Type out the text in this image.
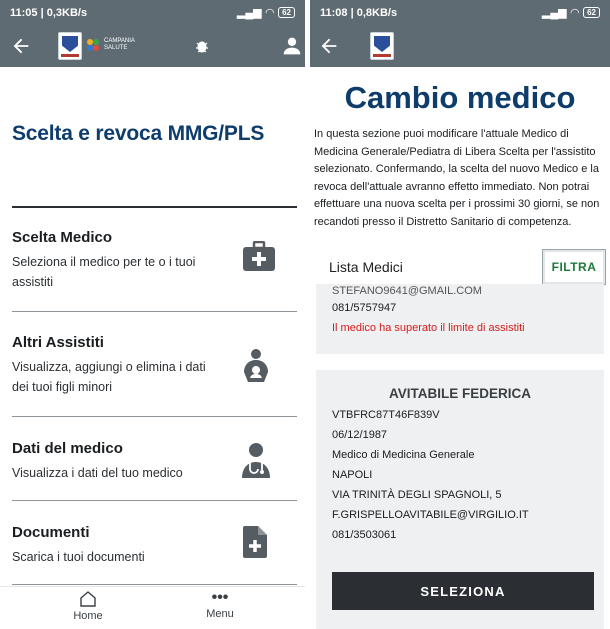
11:05 | 0,3KB/s	▂▄▆ ◠	62
CAMPANIA
SALUTE
Scelta e revoca MMG/PLS
Scelta Medico
Seleziona il medico per te o i tuoi assistiti
Altri Assistiti
Visualizza, aggiungi o elimina i dati dei tuoi figli minori
Dati del medico
Visualizza i dati del tuo medico
Documenti
Scarica i tuoi documenti
Home
•••
Menu
11:08 | 0,8KB/s	▂▄▆ ◠	62
Cambio medico
In questa sezione puoi modificare l'attuale Medico di Medicina Generale/Pediatra di Libera Scelta per l'assistito selezionato. Confermando, la scelta del nuovo Medico e la revoca dell'attuale avranno effetto immediato. Non potrai effettuare una nuova scelta per i prossimi 30 giorni, se non recandoti presso il Distretto Sanitario di competenza.
Lista Medici	FILTRA
STEFANO9641@GMAIL.COM
081/5757947
Il medico ha superato il limite di assistiti
AVITABILE FEDERICA
VTBFRC87T46F839V
06/12/1987
Medico di Medicina Generale
NAPOLI
VIA TRINITÀ DEGLI SPAGNOLI, 5
F.GRISPELLOAVITABILE@VIRGILIO.IT
081/3503061
SELEZIONA
